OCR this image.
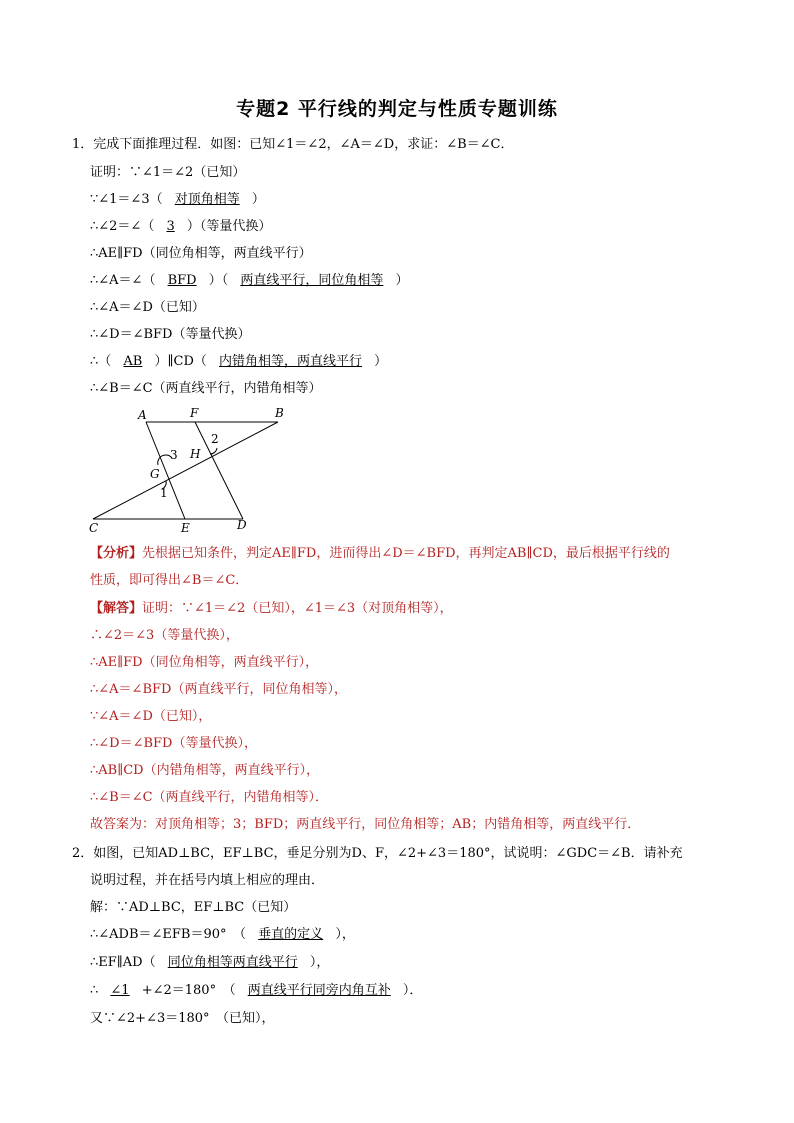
专题2 平行线的判定与性质专题训练
1．完成下面推理过程．如图：已知∠1＝∠2，∠A＝∠D，求证：∠B＝∠C．
证明：∵∠1＝∠2（已知）
∵∠1＝∠3（ 对顶角相等 ）
∴∠2＝∠（ 3 ）（等量代换）
∴AE∥FD（同位角相等，两直线平行）
∴∠A＝∠（ BFD ）（ 两直线平行，同位角相等 ）
∴∠A＝∠D（已知）
∴∠D＝∠BFD（等量代换）
∴（ AB ）∥CD（ 内错角相等，两直线平行 ）
∴∠B＝∠C（两直线平行，内错角相等）
A	F	B
H
G
C	E	D
1
2
3
【分析】先根据已知条件，判定AE∥FD，进而得出∠D＝∠BFD，再判定AB∥CD，最后根据平行线的
性质，即可得出∠B＝∠C．
【解答】证明：∵∠1＝∠2（已知），∠1＝∠3（对顶角相等），
∴∠2＝∠3（等量代换），
∴AE∥FD（同位角相等，两直线平行），
∴∠A＝∠BFD（两直线平行，同位角相等），
∵∠A＝∠D（已知），
∴∠D＝∠BFD（等量代换），
∴AB∥CD（内错角相等，两直线平行），
∴∠B＝∠C（两直线平行，内错角相等）．
故答案为：对顶角相等；3；BFD；两直线平行，同位角相等；AB；内错角相等，两直线平行．
2．如图，已知AD⊥BC，EF⊥BC，垂足分别为D、F，∠2+∠3＝180°，试说明：∠GDC＝∠B．请补充
说明过程，并在括号内填上相应的理由．
解：∵AD⊥BC，EF⊥BC（已知）
∴∠ADB＝∠EFB＝90°　（ 垂直的定义 ），
∴EF∥AD（ 同位角相等两直线平行 ），
∴ ∠1 +∠2＝180°　（ 两直线平行同旁内角互补 ）．
又∵∠2+∠3＝180°　（已知），
